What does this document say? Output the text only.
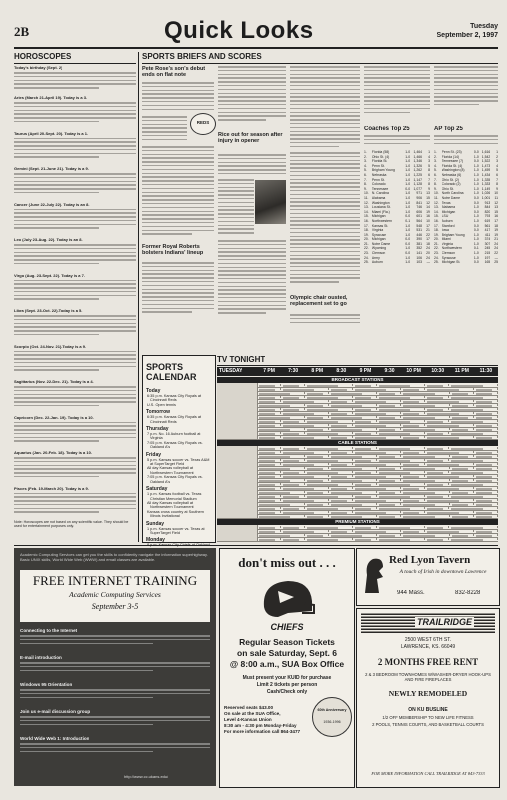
2B	Quick Looks	Tuesday
September 2, 1997
HOROSCOPES
Today's birthday (Sept. 2)
Aries (March 21-April 19). Today is a 3.
Taurus (April 20-Sept. 20). Today is a 1.
Gemini (Sept. 21-June 21). Today is a 9.
Cancer (June 22-July 22). Today is an 8.
Leo (July 23-Aug. 22). Today is an 8.
Virgo (Aug. 23-Sept. 22). Today is a 7.
Libra (Sept. 23-Oct. 22).Today is a 5.
Scorpio (Oct. 24-Nov. 21).Today is a 9.
Sagittarius (Nov. 22-Dec. 21). Today is a 4.
Capricorn (Dec. 22-Jan. 19). Today is a 10.
Aquarius (Jan. 20-Feb. 18). Today is a 10.
Pisces (Feb. 19-March 20). Today is a 9.
Note: Horoscopes are not based on any scientific value. They should be used for entertainment purposes only.
SPORTS BRIEFS AND SCORES
Pete Rose's son's debut ends on flat note
REDS
Former Royal Roberts bolsters Indians' lineup
Rice out for season after injury in opener
Olympic chair ousted, replacement set to go
Coaches Top 25
1.	Florida (58)	1-0 1,464	1
2.	Ohio St. (4)	1-0 1,466	4
3.	Florida St.	1-0 1,346	3
4.	Penn St.	1-0 1,326	5
5.	Brigham Young	1-0 1,262	8
6.	Nebraska	1-0 1,225	6
7.	Penn St.	1-0 1,147	7
8.	Colorado	1-0 1,128	8
9.	Tennessee	0-0 1,077	9
10. N. Carolina	1-0	971	13
11.	Alabama	1-0	906	15
12. Washington	1-0	841	12
13. Lousiana St.	1-0	746	14
14. Miami (Fla.)	1-0	606	19
15. Michigan	0-0	601	16
16. Northwestern	0-1	564	10
17. Kansas St.	1-0	548	17
18. Virginia	1-0	531	21
19. Syracuse	1-0	446	22
20. Michigan	0-0	390	17
21. Notre Dame	0-0	381	18
22. Wyoming	1-0	352	24
23. Clemson	0-0	141	20
24. Army	1-0	106	24
25. Auburn	1-0	103	—
AP Top 25
1.	Penn St. (23)	0-0 1,616	1
2.	Florida (14)	1-0 1,542	2
3.	Tennessee (7)	0-0 1,522	3
4.	Florida St. (4)	1-0 1,473	4
5.	Washington (8)	1-0 1,459	5
6.	Nebraska (6)	1-0 1,434	6
7.	Ohio St. (2)	1-0 1,335	7
8.	Colorado (2)	1-0 1,333	8
9.	Ohio St.	1-0 1,149	9
10. North Carolina	1-0 1,026	10
11. Notre Dame	0-0 1,001	11
12. Texas	0-0	913	12
13. Alabama	1-0	844	13
14. Michigan	0-0	820	15
15. LSU	1-0	793	16
16. Auburn	1-0	619	17
17. Stanford	0-0	561	18
18. Iowa	0-0	417	19
19. Brigham Young	1-0	411	19
20. Miami	1-0	374	21
21. Virginia	1-0	307	24
22. Northwestern	0-1	245	24
23. Clemson	1-0	215	22
24. Syracuse	1-0	197	—
25. Michigan St.	0-0	165	25
SPORTS CALENDAR
Today
6:35 p.m. Kansas City Royals at Cincinnati Reds
U.S. Open tennis
Tomorrow
6:35 p.m. Kansas City Royals at Cincinnati Reds
Thursday
7 p.m. No. 16 Auburn football at Virginia
7:05 p.m. Kansas City Royals vs. Oakland A's
Friday
5 p.m. Kansas soccer vs. Texas A&M at SuperTarget Field
All day Kansas volleyball at Northwestern Tournament
7:05 p.m. Kansas City Royals vs. Oakland A's
Saturday
1 p.m. Kansas football vs. Texas Christian Memorial Stadium
All day Kansas volleyball at Northwestern Tournament
Kansas cross country at Southern Illinois Invitational
Sunday
1 p.m. Kansas soccer vs. Texas at SuperTarget Field
Monday
TV TONIGHT
TUESDAY	7 PM	7:30	8 PM	8:30	9 PM	9:30	10 PM	10:30	11 PM	11:30
BROADCAST STATIONS
CABLE STATIONS
PREMIUM STATIONS
Academic Computing Services can get you the skills to confidently navigate the information superhighway. Basic UNIX skills, World Wide Web (WWW) and email classes are available.
FREE INTERNET TRAINING
Academic Computing Services
September 3-5
Connecting to the Internet
E-mail introduction
Windows 95 Orientation
Join us e-mail discussion group
World Wide Web 1: Introduction
http://www.cc.ukans.edu/
don't miss out . . .
CHIEFS
Regular Season Tickets
on sale Saturday, Sept. 6
@ 8:00 a.m., SUA Box Office
Must present your KUID for purchase
Limit 2 tickets per person
Cash/Check only
Reserved seats $43.00
On sale at the SUA Office,
Level 4-Kansas Union
8:30 am - 4:30 pm Monday-Friday
For more information call 864-3477
60th Anniversary
1936-1996
Red Lyon Tavern
A touch of Irish in downtown Lawrence
944 Mass.	832-8228
TRAILRIDGE
2500 WEST 6TH ST.
LAWRENCE, KS. 66049
2 MONTHS FREE RENT
2 & 3 BEDROOM TOWNHOMES W/WASHER-DRYER HOOK-UPS AND FIRE FIREPLACES
NEWLY REMODELED
ON KU BUSLINE
1/2 OFF MEMBERSHIP TO NEW LIFE FITNESS
2 POOLS, TENNIS COURTS, AND BASKETBALL COURTS
FOR MORE INFORMATION CALL TRAILRIDGE AT 843-7333
